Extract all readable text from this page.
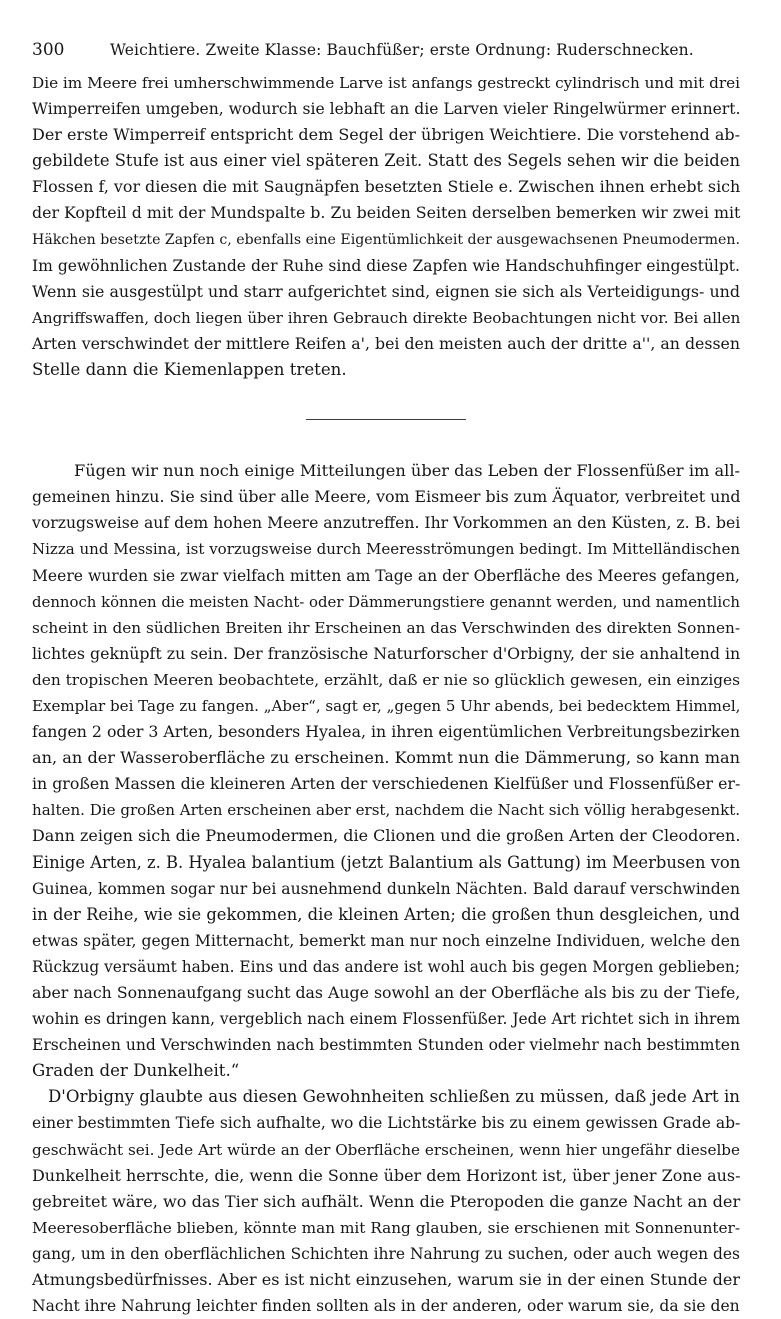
300	Weichtiere. Zweite Klasse: Bauchfüßer; erste Ordnung: Ruderschnecken.

Die im Meere frei umherschwimmende Larve ist anfangs gestreckt cylindrisch und mit drei
Wimperreifen umgeben, wodurch sie lebhaft an die Larven vieler Ringelwürmer erinnert.
Der erste Wimperreif entspricht dem Segel der übrigen Weichtiere. Die vorstehend ab-
gebildete Stufe ist aus einer viel späteren Zeit. Statt des Segels sehen wir die beiden
Flossen f, vor diesen die mit Saugnäpfen besetzten Stiele e. Zwischen ihnen erhebt sich
der Kopfteil d mit der Mundspalte b. Zu beiden Seiten derselben bemerken wir zwei mit
Häkchen besetzte Zapfen c, ebenfalls eine Eigentümlichkeit der ausgewachsenen Pneumodermen.
Im gewöhnlichen Zustande der Ruhe sind diese Zapfen wie Handschuhfinger eingestülpt.
Wenn sie ausgestülpt und starr aufgerichtet sind, eignen sie sich als Verteidigungs- und
Angriffswaffen, doch liegen über ihren Gebrauch direkte Beobachtungen nicht vor. Bei allen
Arten verschwindet der mittlere Reifen a', bei den meisten auch der dritte a'', an dessen
Stelle dann die Kiemenlappen treten.

Fügen wir nun noch einige Mitteilungen über das Leben der Flossenfüßer im all-
gemeinen hinzu. Sie sind über alle Meere, vom Eismeer bis zum Äquator, verbreitet und
vorzugsweise auf dem hohen Meere anzutreffen. Ihr Vorkommen an den Küsten, z. B. bei
Nizza und Messina, ist vorzugsweise durch Meeresströmungen bedingt. Im Mittelländischen
Meere wurden sie zwar vielfach mitten am Tage an der Oberfläche des Meeres gefangen,
dennoch können die meisten Nacht- oder Dämmerungstiere genannt werden, und namentlich
scheint in den südlichen Breiten ihr Erscheinen an das Verschwinden des direkten Sonnen-
lichtes geknüpft zu sein. Der französische Naturforscher d'Orbigny, der sie anhaltend in
den tropischen Meeren beobachtete, erzählt, daß er nie so glücklich gewesen, ein einziges
Exemplar bei Tage zu fangen. „Aber“, sagt er, „gegen 5 Uhr abends, bei bedecktem Himmel,
fangen 2 oder 3 Arten, besonders Hyalea, in ihren eigentümlichen Verbreitungsbezirken
an, an der Wasseroberfläche zu erscheinen. Kommt nun die Dämmerung, so kann man
in großen Massen die kleineren Arten der verschiedenen Kielfüßer und Flossenfüßer er-
halten. Die großen Arten erscheinen aber erst, nachdem die Nacht sich völlig herabgesenkt.
Dann zeigen sich die Pneumodermen, die Clionen und die großen Arten der Cleodoren.
Einige Arten, z. B. Hyalea balantium (jetzt Balantium als Gattung) im Meerbusen von
Guinea, kommen sogar nur bei ausnehmend dunkeln Nächten. Bald darauf verschwinden
in der Reihe, wie sie gekommen, die kleinen Arten; die großen thun desgleichen, und
etwas später, gegen Mitternacht, bemerkt man nur noch einzelne Individuen, welche den
Rückzug versäumt haben. Eins und das andere ist wohl auch bis gegen Morgen geblieben;
aber nach Sonnenaufgang sucht das Auge sowohl an der Oberfläche als bis zu der Tiefe,
wohin es dringen kann, vergeblich nach einem Flossenfüßer. Jede Art richtet sich in ihrem
Erscheinen und Verschwinden nach bestimmten Stunden oder vielmehr nach bestimmten
Graden der Dunkelheit.“

D'Orbigny glaubte aus diesen Gewohnheiten schließen zu müssen, daß jede Art in
einer bestimmten Tiefe sich aufhalte, wo die Lichtstärke bis zu einem gewissen Grade ab-
geschwächt sei. Jede Art würde an der Oberfläche erscheinen, wenn hier ungefähr dieselbe
Dunkelheit herrschte, die, wenn die Sonne über dem Horizont ist, über jener Zone aus-
gebreitet wäre, wo das Tier sich aufhält. Wenn die Pteropoden die ganze Nacht an der
Meeresoberfläche blieben, könnte man mit Rang glauben, sie erschienen mit Sonnenunter-
gang, um in den oberflächlichen Schichten ihre Nahrung zu suchen, oder auch wegen des
Atmungsbedürfnisses. Aber es ist nicht einzusehen, warum sie in der einen Stunde der
Nacht ihre Nahrung leichter finden sollten als in der anderen, oder warum sie, da sie den
